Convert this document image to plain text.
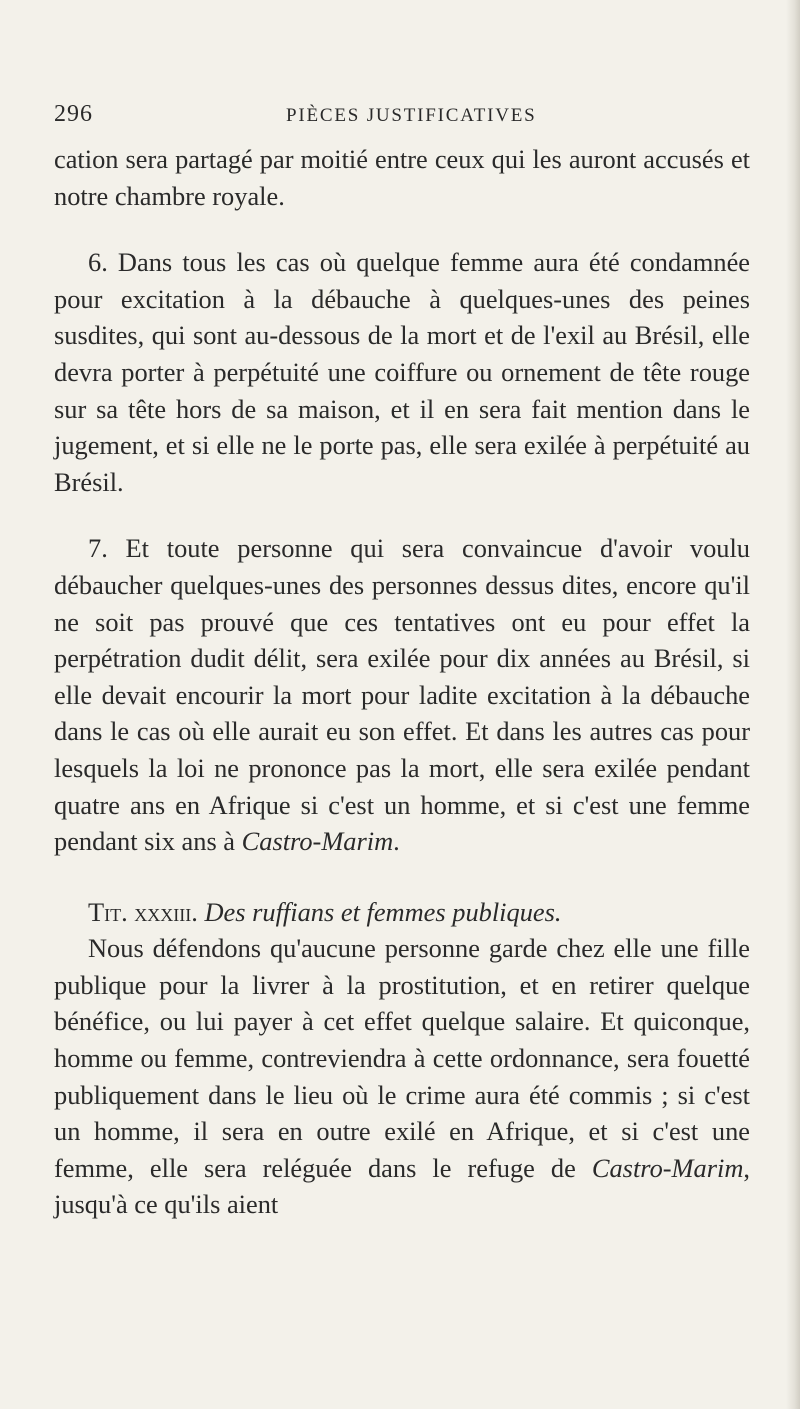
296	PIÈCES JUSTIFICATIVES

cation sera partagé par moitié entre ceux qui les auront accusés et notre chambre royale.

6. Dans tous les cas où quelque femme aura été condamnée pour excitation à la débauche à quelques-unes des peines susdites, qui sont au-dessous de la mort et de l'exil au Brésil, elle devra porter à perpétuité une coiffure ou ornement de tête rouge sur sa tête hors de sa maison, et il en sera fait mention dans le jugement, et si elle ne le porte pas, elle sera exilée à perpétuité au Brésil.

7. Et toute personne qui sera convaincue d'avoir voulu débaucher quelques-unes des personnes dessus dites, encore qu'il ne soit pas prouvé que ces tentatives ont eu pour effet la perpétration dudit délit, sera exilée pour dix années au Brésil, si elle devait encourir la mort pour ladite excitation à la débauche dans le cas où elle aurait eu son effet. Et dans les autres cas pour lesquels la loi ne prononce pas la mort, elle sera exilée pendant quatre ans en Afrique si c'est un homme, et si c'est une femme pendant six ans à Castro-Marim.

Tit. xxxiii. Des ruffians et femmes publiques.

Nous défendons qu'aucune personne garde chez elle une fille publique pour la livrer à la prostitution, et en retirer quelque bénéfice, ou lui payer à cet effet quelque salaire. Et quiconque, homme ou femme, contreviendra à cette ordonnance, sera fouetté publiquement dans le lieu où le crime aura été commis ; si c'est un homme, il sera en outre exilé en Afrique, et si c'est une femme, elle sera reléguée dans le refuge de Castro-Marim, jusqu'à ce qu'ils aient
